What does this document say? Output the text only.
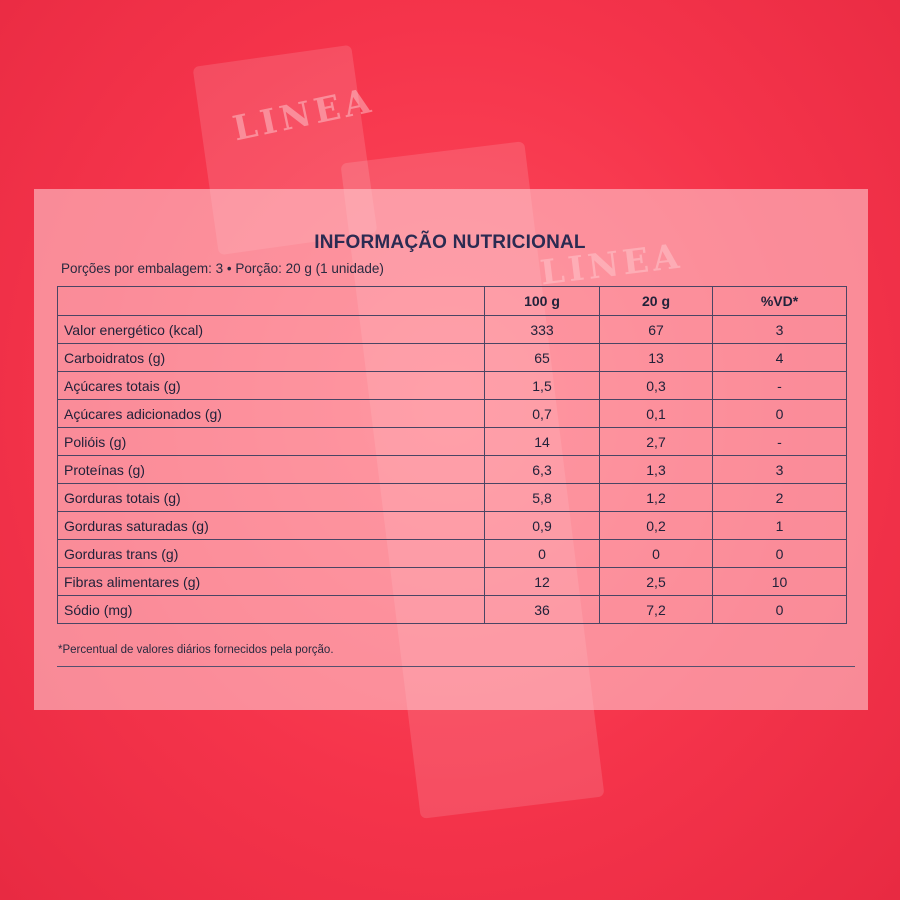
LINEA
INFORMAÇÃO NUTRICIONAL
Porções por embalagem: 3 • Porção: 20 g (1 unidade)
	100 g	20 g	%VD*
Valor energético (kcal)	333	67	3
Carboidratos (g)	65	13	4
Açúcares totais (g)	1,5	0,3	-
Açúcares adicionados (g)	0,7	0,1	0
Polióis (g)	14	2,7	-
Proteínas (g)	6,3	1,3	3
Gorduras totais (g)	5,8	1,2	2
Gorduras saturadas (g)	0,9	0,2	1
Gorduras trans (g)	0	0	0
Fibras alimentares (g)	12	2,5	10
Sódio (mg)	36	7,2	0
*Percentual de valores diários fornecidos pela porção.
